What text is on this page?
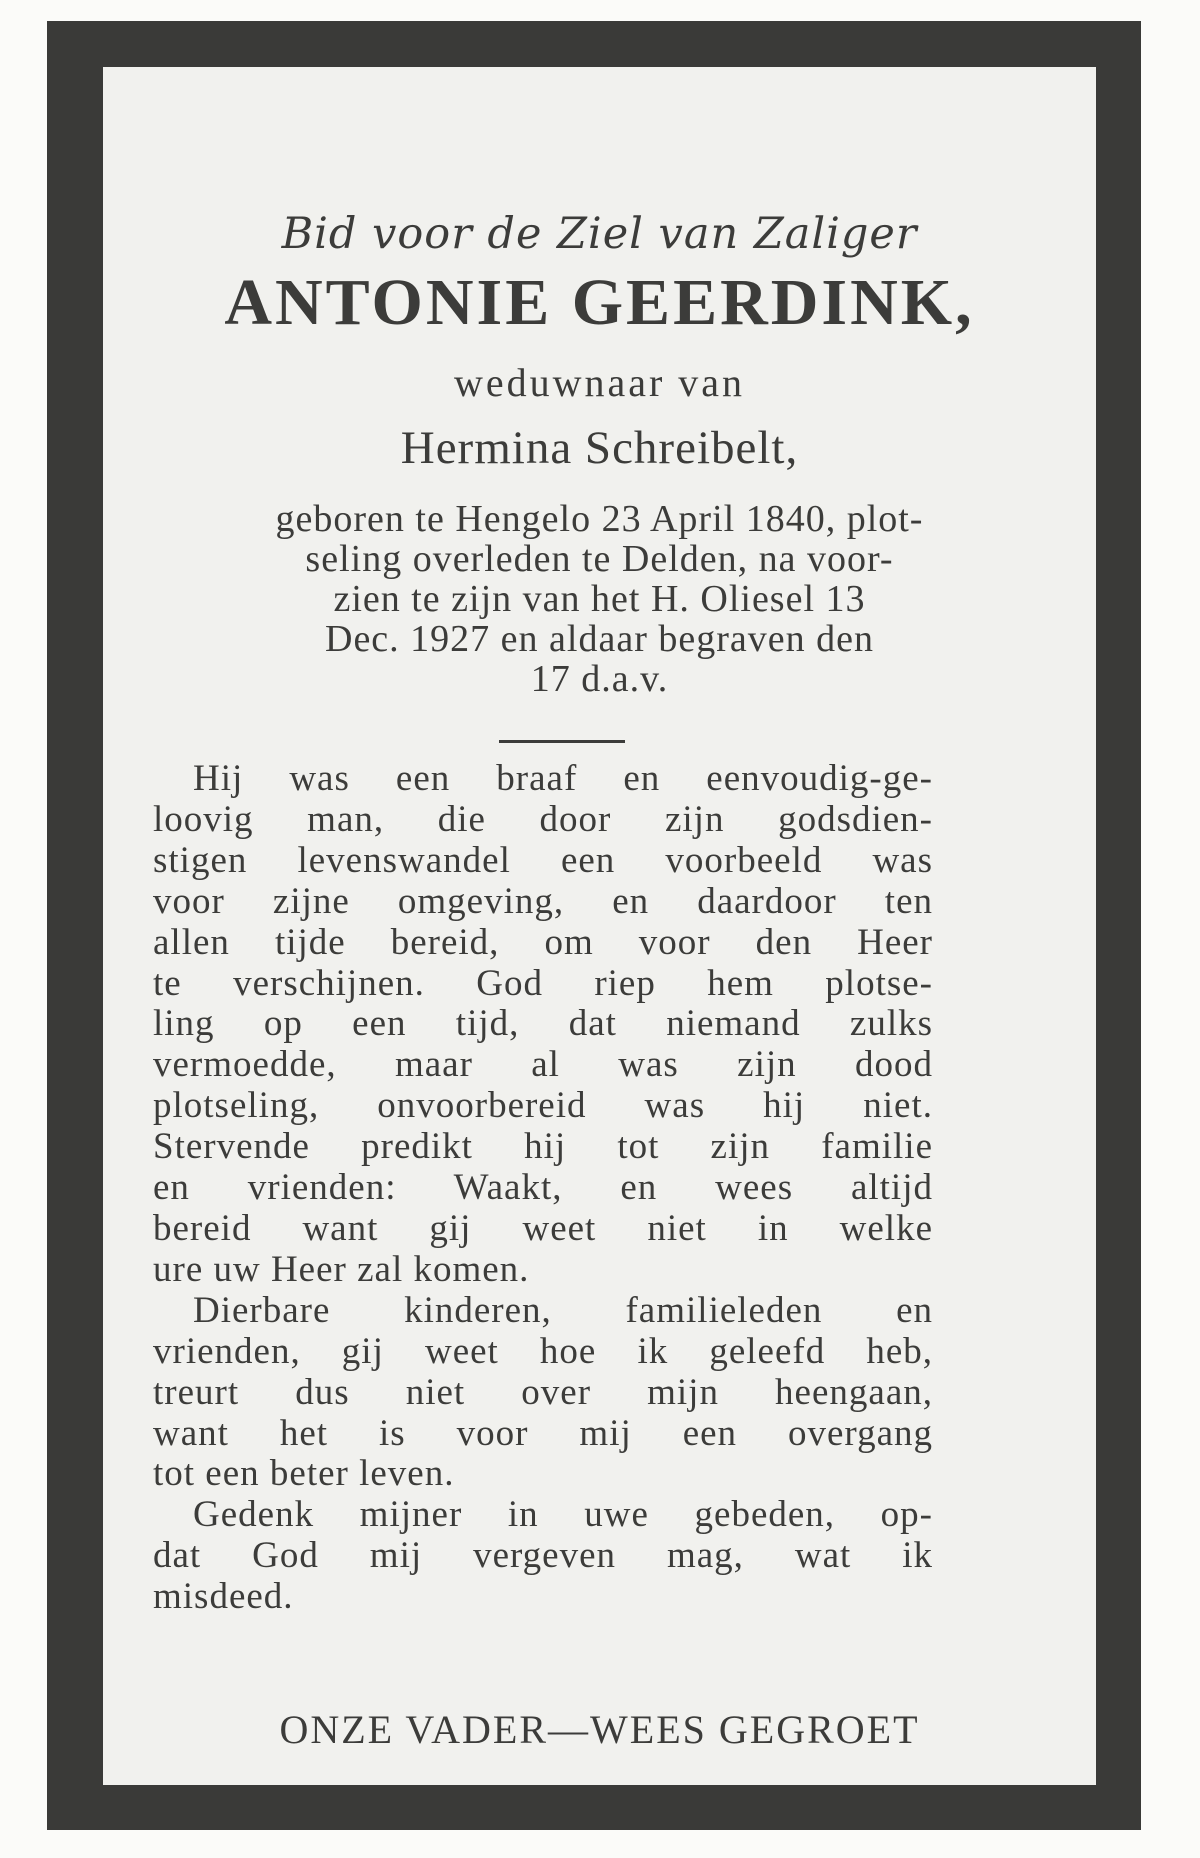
Bid voor de Ziel van Zaliger
ANTONIE GEERDINK,
weduwnaar van
Hermina Schreibelt,
geboren te Hengelo 23 April 1840, plot-
seling overleden te Delden, na voor-
zien te zijn van het H. Oliesel 13
Dec. 1927 en aldaar begraven den
17 d.a.v.
Hij was een braaf en eenvoudig-ge-
loovig man, die door zijn godsdien-
stigen levenswandel een voorbeeld was
voor zijne omgeving, en daardoor ten
allen tijde bereid, om voor den Heer
te verschijnen. God riep hem plotse-
ling op een tijd, dat niemand zulks
vermoedde, maar al was zijn dood
plotseling, onvoorbereid was hij niet.
Stervende predikt hij tot zijn familie
en vrienden: Waakt, en wees altijd
bereid want gij weet niet in welke
ure uw Heer zal komen.
Dierbare kinderen, familieleden en
vrienden, gij weet hoe ik geleefd heb,
treurt dus niet over mijn heengaan,
want het is voor mij een overgang
tot een beter leven.
Gedenk mijner in uwe gebeden, op-
dat God mij vergeven mag, wat ik
misdeed.
ONZE VADER—WEES GEGROET
